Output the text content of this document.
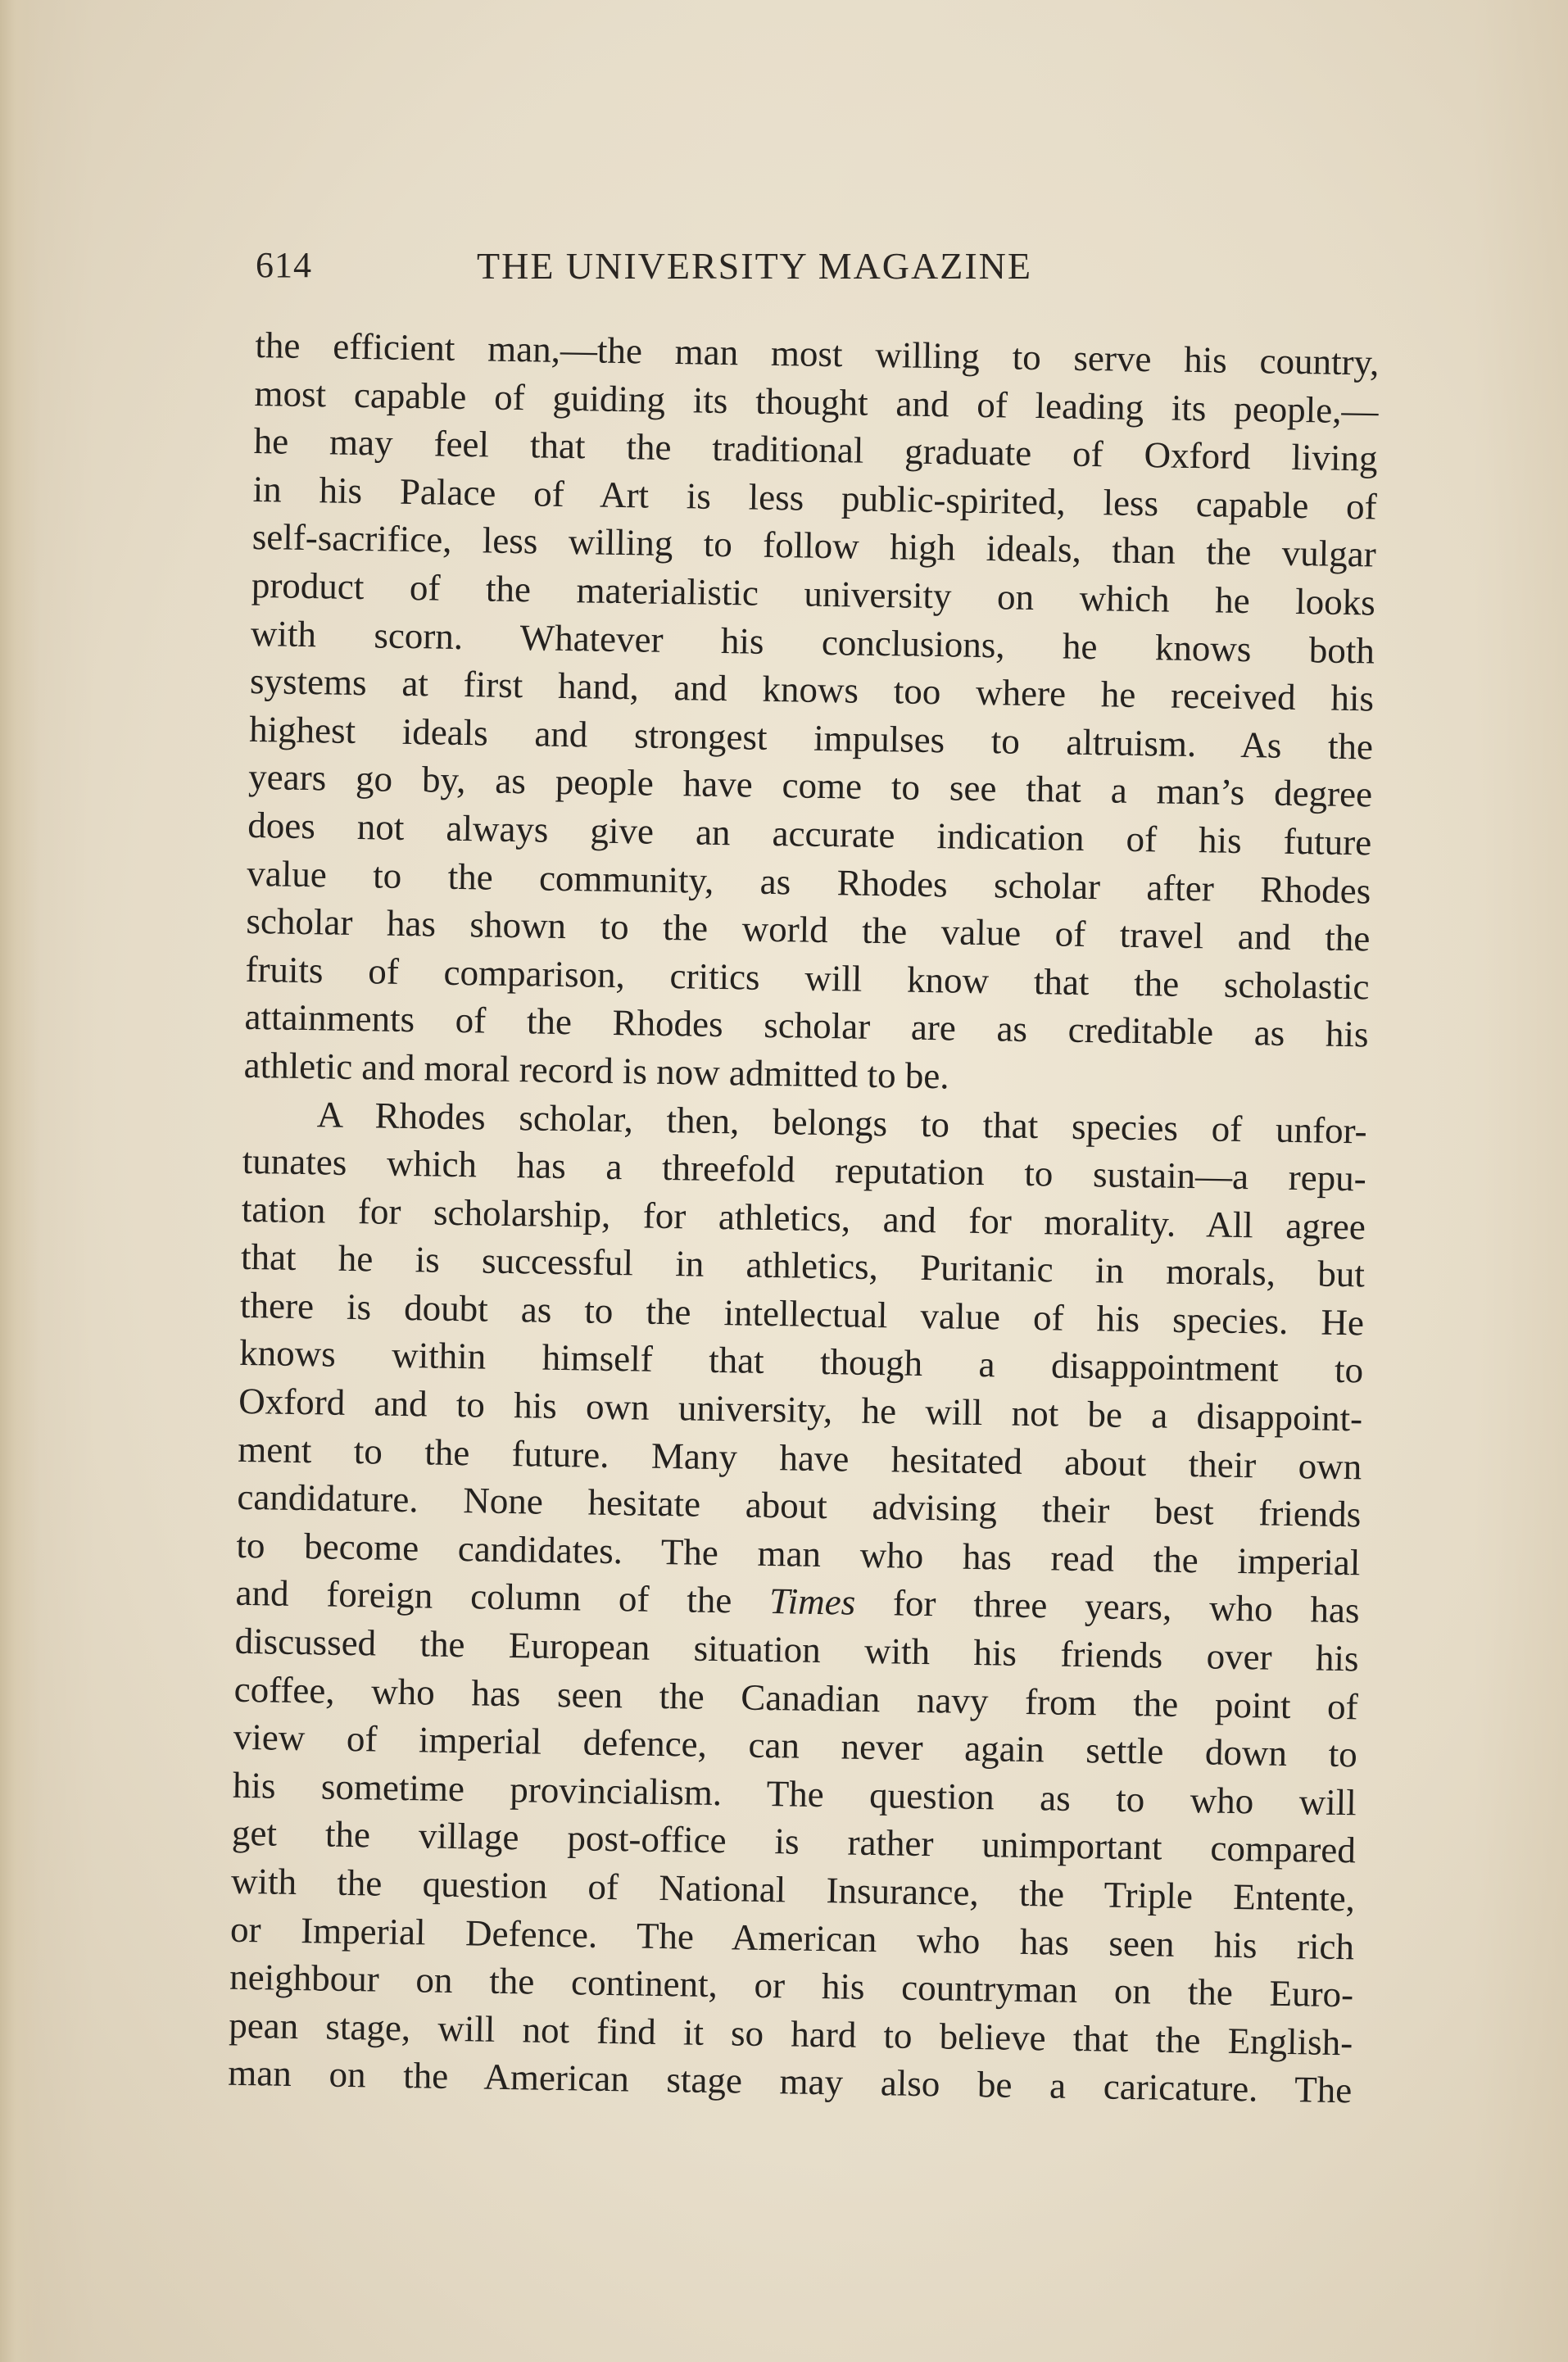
614	THE UNIVERSITY MAGAZINE
the efficient man,—the man most willing to serve his country,
most capable of guiding its thought and of leading its people,—
he may feel that the traditional graduate of Oxford living
in his Palace of Art is less public-spirited, less capable of
self-sacrifice, less willing to follow high ideals, than the vulgar
product of the materialistic university on which he looks
with scorn. Whatever his conclusions, he knows both
systems at first hand, and knows too where he received his
highest ideals and strongest impulses to altruism. As the
years go by, as people have come to see that a man’s degree
does not always give an accurate indication of his future
value to the community, as Rhodes scholar after Rhodes
scholar has shown to the world the value of travel and the
fruits of comparison, critics will know that the scholastic
attainments of the Rhodes scholar are as creditable as his
athletic and moral record is now admitted to be.
A Rhodes scholar, then, belongs to that species of unfor-
tunates which has a threefold reputation to sustain—a repu-
tation for scholarship, for athletics, and for morality. All agree
that he is successful in athletics, Puritanic in morals, but
there is doubt as to the intellectual value of his species. He
knows within himself that though a disappointment to
Oxford and to his own university, he will not be a disappoint-
ment to the future. Many have hesitated about their own
candidature. None hesitate about advising their best friends
to become candidates. The man who has read the imperial
and foreign column of the Times for three years, who has
discussed the European situation with his friends over his
coffee, who has seen the Canadian navy from the point of
view of imperial defence, can never again settle down to
his sometime provincialism. The question as to who will
get the village post-office is rather unimportant compared
with the question of National Insurance, the Triple Entente,
or Imperial Defence. The American who has seen his rich
neighbour on the continent, or his countryman on the Euro-
pean stage, will not find it so hard to believe that the English-
man on the American stage may also be a caricature. The
